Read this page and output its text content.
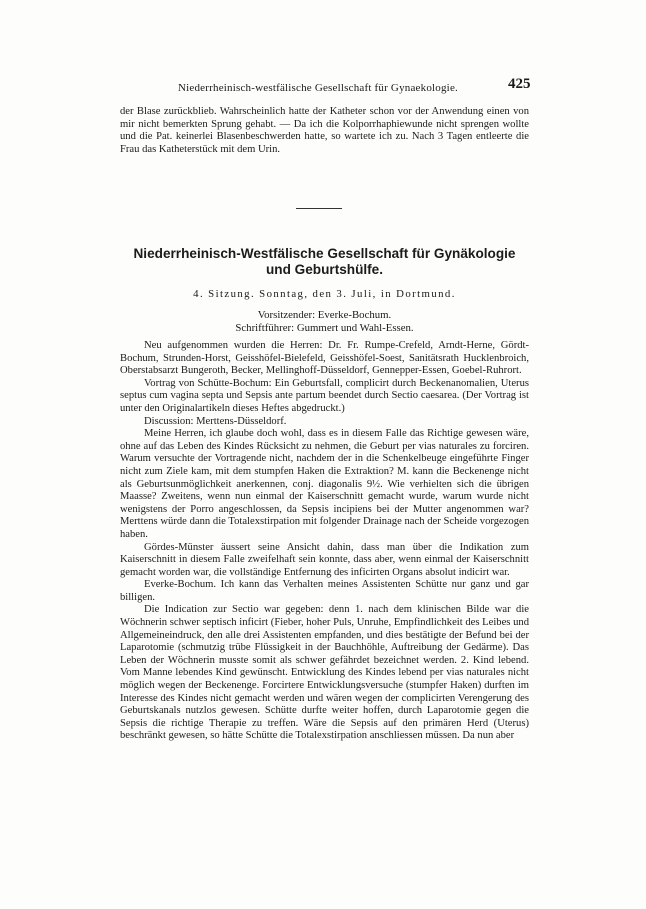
Niederrheinisch-westfälische Gesellschaft für Gynaekologie.	425

der Blase zurückblieb. Wahrscheinlich hatte der Katheter schon vor der Anwendung einen von mir nicht bemerkten Sprung gehabt. — Da ich die Kolporrhaphiewunde nicht sprengen wollte und die Pat. keinerlei Blasenbeschwerden hatte, so wartete ich zu. Nach 3 Tagen entleerte die Frau das Katheterstück mit dem Urin.

Niederrheinisch-Westfälische Gesellschaft für Gynäkologie
und Geburtshülfe.

4. Sitzung. Sonntag, den 3. Juli, in Dortmund.

Vorsitzender: Everke-Bochum.

Schriftführer: Gummert und Wahl-Essen.

Neu aufgenommen wurden die Herren: Dr. Fr. Rumpe-Crefeld, Arndt-Herne, Gördt-Bochum, Strunden-Horst, Geisshöfel-Bielefeld, Geisshöfel-Soest, Sanitätsrath Hucklenbroich, Oberstabsarzt Bungeroth, Becker, Mellinghoff-Düsseldorf, Gennepper-Essen, Goebel-Ruhrort.

Vortrag von Schütte-Bochum: Ein Geburtsfall, complicirt durch Beckenanomalien, Uterus septus cum vagina septa und Sepsis ante partum beendet durch Sectio caesarea. (Der Vortrag ist unter den Originalartikeln dieses Heftes abgedruckt.)

Discussion: Merttens-Düsseldorf.

Meine Herren, ich glaube doch wohl, dass es in diesem Falle das Richtige gewesen wäre, ohne auf das Leben des Kindes Rücksicht zu nehmen, die Geburt per vias naturales zu forciren. Warum versuchte der Vortragende nicht, nachdem der in die Schenkelbeuge eingeführte Finger nicht zum Ziele kam, mit dem stumpfen Haken die Extraktion? M. kann die Beckenenge nicht als Geburtsunmöglichkeit anerkennen, conj. diagonalis 9½. Wie verhielten sich die übrigen Maasse? Zweitens, wenn nun einmal der Kaiserschnitt gemacht wurde, warum wurde nicht wenigstens der Porro angeschlossen, da Sepsis incipiens bei der Mutter angenommen war? Merttens würde dann die Totalexstirpation mit folgender Drainage nach der Scheide vorgezogen haben.

Gördes-Münster äussert seine Ansicht dahin, dass man über die Indikation zum Kaiserschnitt in diesem Falle zweifelhaft sein konnte, dass aber, wenn einmal der Kaiserschnitt gemacht worden war, die vollständige Entfernung des inficirten Organs absolut indicirt war.

Everke-Bochum. Ich kann das Verhalten meines Assistenten Schütte nur ganz und gar billigen.

Die Indication zur Sectio war gegeben: denn 1. nach dem klinischen Bilde war die Wöchnerin schwer septisch inficirt (Fieber, hoher Puls, Unruhe, Empfindlichkeit des Leibes und Allgemeineindruck, den alle drei Assistenten empfanden, und dies bestätigte der Befund bei der Laparotomie (schmutzig trübe Flüssigkeit in der Bauchhöhle, Auftreibung der Gedärme). Das Leben der Wöchnerin musste somit als schwer gefährdet bezeichnet werden. 2. Kind lebend. Vom Manne lebendes Kind gewünscht. Entwicklung des Kindes lebend per vias naturales nicht möglich wegen der Beckenenge. Forcirtere Entwicklungsversuche (stumpfer Haken) durften im Interesse des Kindes nicht gemacht werden und wären wegen der complicirten Verengerung des Geburtskanals nutzlos gewesen. Schütte durfte weiter hoffen, durch Laparotomie gegen die Sepsis die richtige Therapie zu treffen. Wäre die Sepsis auf den primären Herd (Uterus) beschränkt gewesen, so hätte Schütte die Totalexstirpation anschliessen müssen. Da nun aber
